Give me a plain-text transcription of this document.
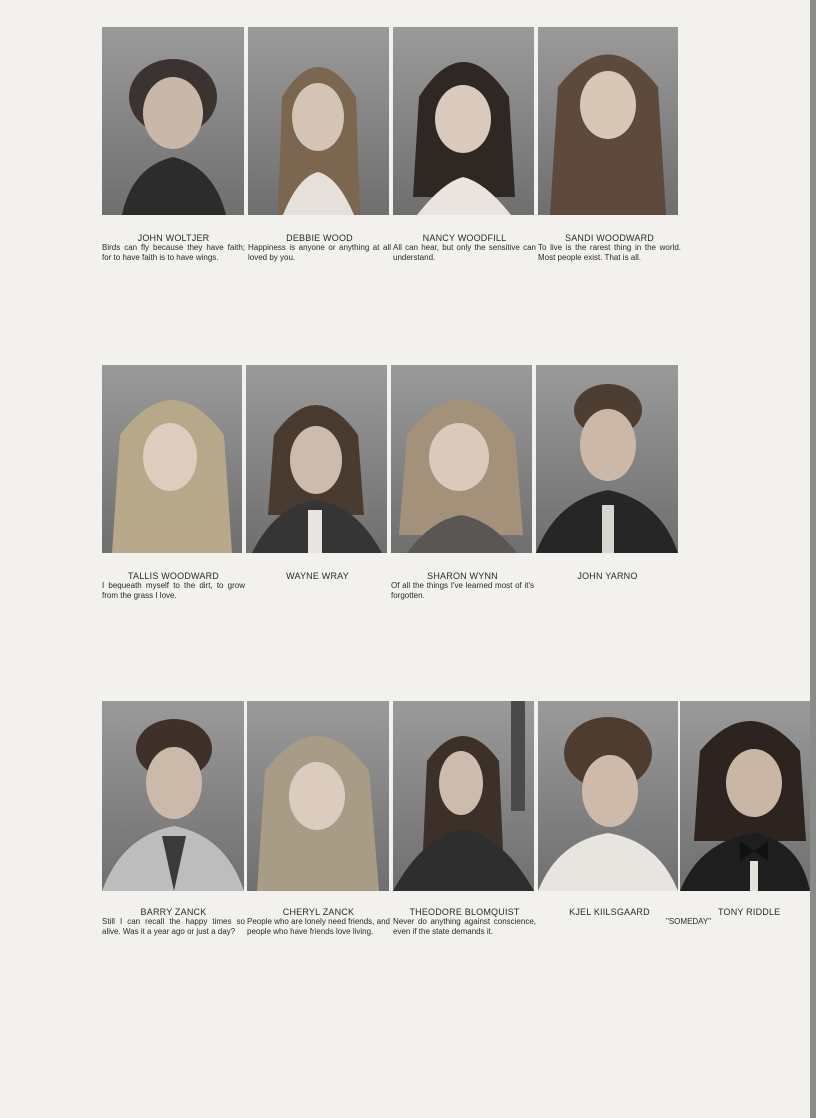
JOHN WOLTJER
Birds can fly because they have faith; for to have faith is to have wings.
DEBBIE WOOD
Happiness is anyone or anything at all loved by you.
NANCY WOODFILL
All can hear, but only the sensitive can understand.
SANDI WOODWARD
To live is the rarest thing in the world. Most people exist. That is all.
TALLIS WOODWARD
I bequeath myself to the dirt, to grow from the grass I love.
WAYNE WRAY	SHARON WYNN
Of all the things I've learned most of it's forgotten.
JOHN YARNO
BARRY ZANCK
Still I can recall the happy times so alive. Was it a year ago or just a day?
CHERYL ZANCK
People who are lonely need friends, and people who have friends love living.
THEODORE BLOMQUIST
Never do anything against conscience, even if the state demands it.
KJEL KIILSGAARD	TONY RIDDLE
"SOMEDAY"
